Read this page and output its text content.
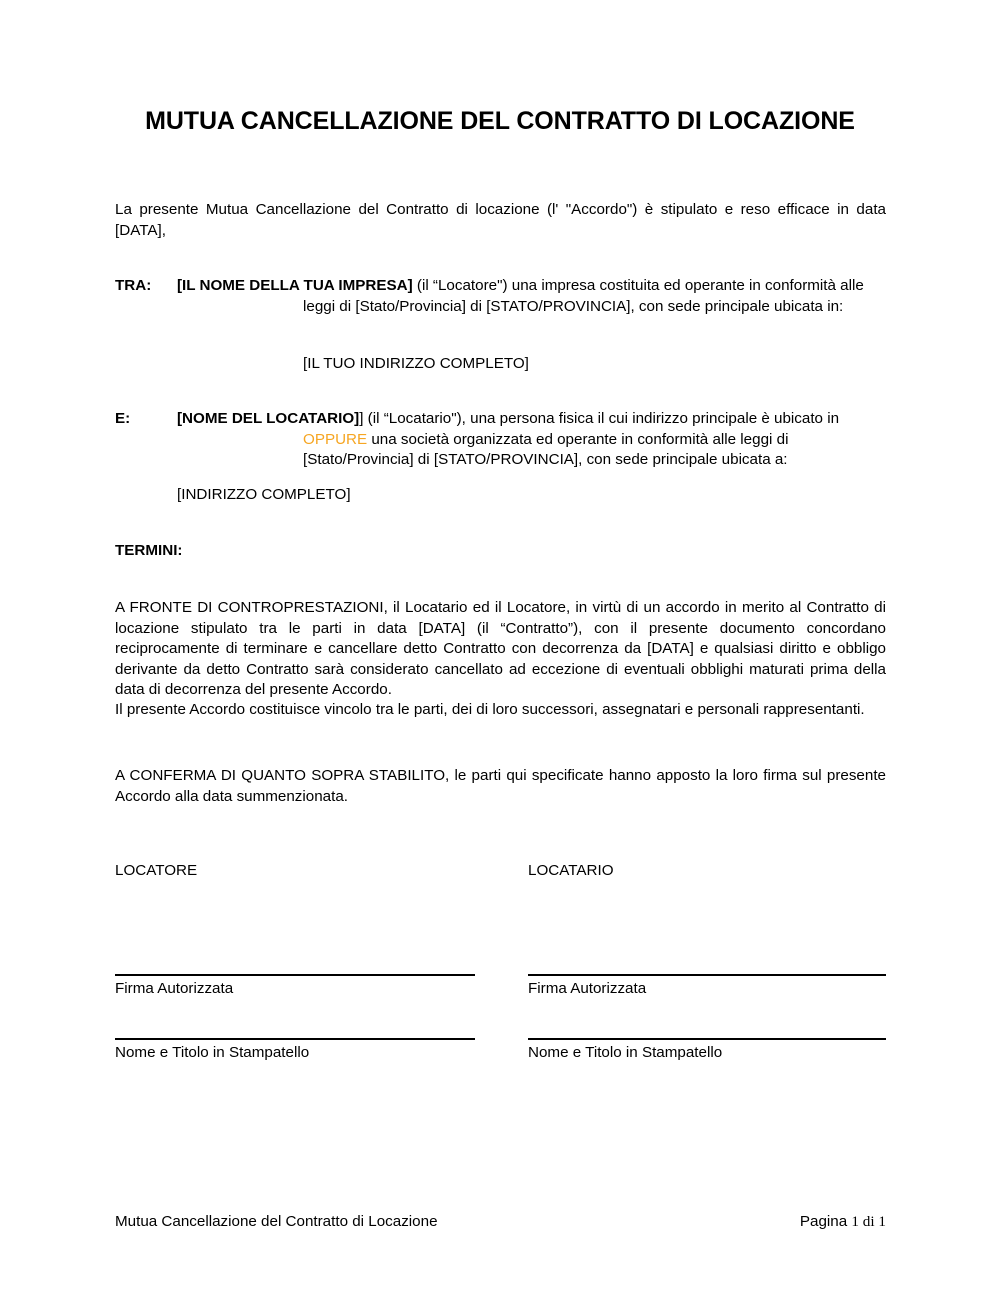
MUTUA CANCELLAZIONE DEL CONTRATTO DI LOCAZIONE
La presente Mutua Cancellazione del Contratto di locazione (l' "Accordo") è stipulato e reso efficace in data [DATA],
TRA: [IL NOME DELLA TUA IMPRESA] (il “Locatore") una impresa costituita ed operante in conformità alle leggi di [Stato/Provincia] di [STATO/PROVINCIA], con sede principale ubicata in:
[IL TUO INDIRIZZO COMPLETO]
E:	[NOME DEL LOCATARIO]] (il “Locatario"), una persona fisica il cui indirizzo principale è ubicato in OPPURE una società organizzata ed operante in conformità alle leggi di [Stato/Provincia] di [STATO/PROVINCIA], con sede principale ubicata a:
[INDIRIZZO COMPLETO]
TERMINI:
A FRONTE DI CONTROPRESTAZIONI, il Locatario ed il Locatore, in virtù di un accordo in merito al Contratto di locazione stipulato tra le parti in data [DATA] (il “Contratto”), con il presente documento concordano reciprocamente di terminare e cancellare detto Contratto con decorrenza da [DATA] e qualsiasi diritto e obbligo derivante da detto Contratto sarà considerato cancellato ad eccezione di eventuali obblighi maturati prima della data di decorrenza del presente Accordo.
Il presente Accordo costituisce vincolo tra le parti, dei di loro successori, assegnatari e personali rappresentanti.
A CONFERMA DI QUANTO SOPRA STABILITO, le parti qui specificate hanno apposto la loro firma sul presente Accordo alla data summenzionata.
LOCATORE
Firma Autorizzata
Nome e Titolo in Stampatello
LOCATARIO
Firma Autorizzata
Nome e Titolo in Stampatello
Mutua Cancellazione del Contratto di Locazione	Pagina 1 di 1
